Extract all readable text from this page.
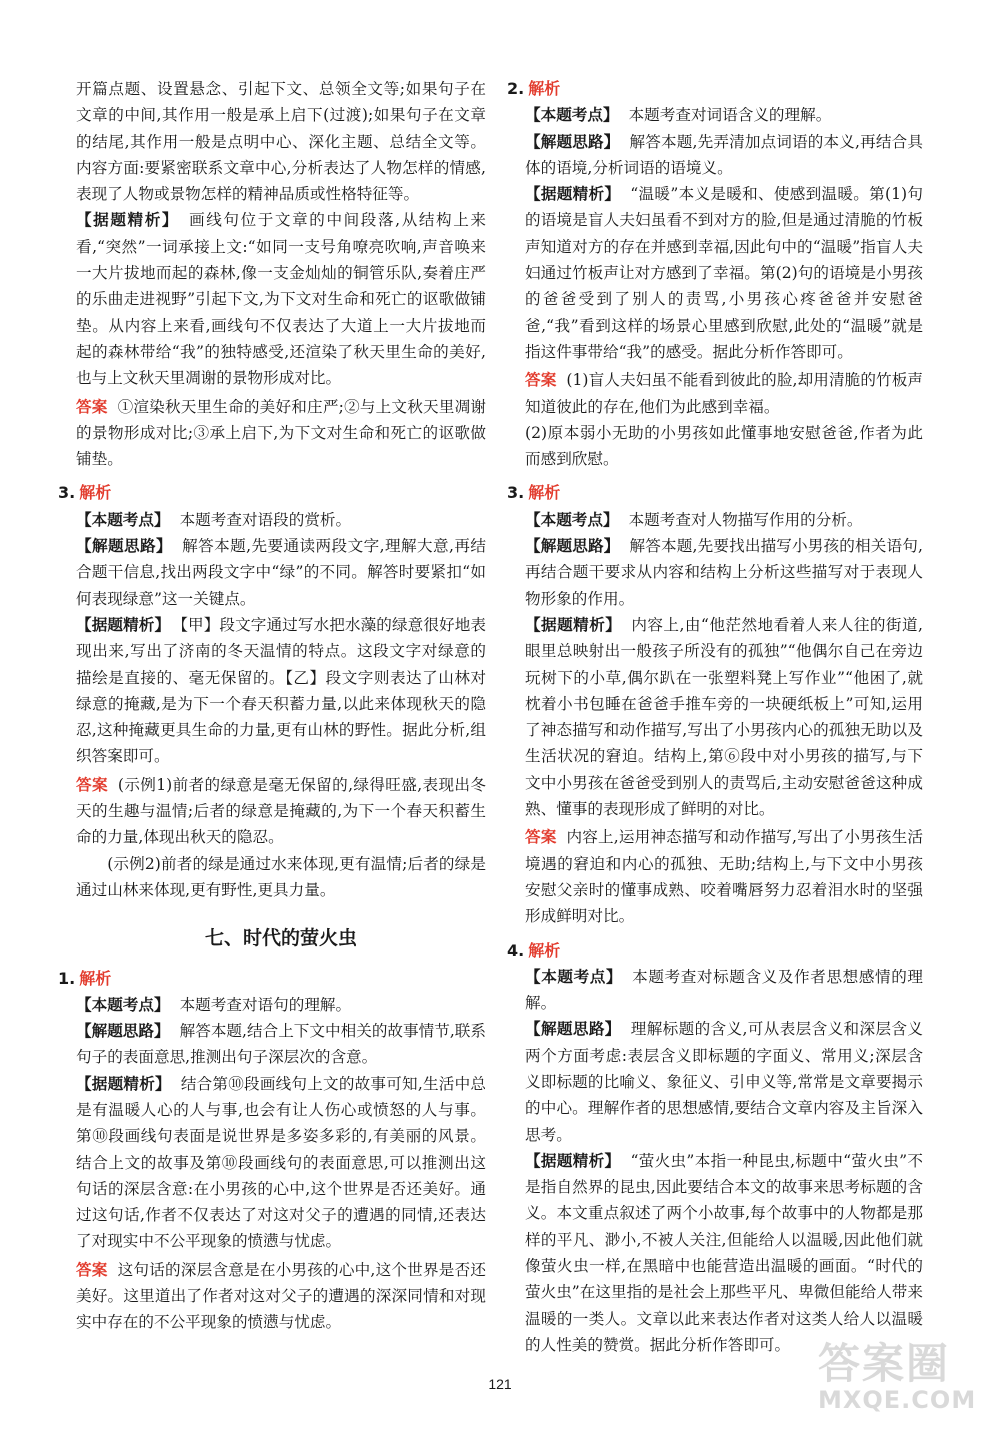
开篇点题、设置悬念、引起下文、总领全文等;如果句子在文章的中间,其作用一般是承上启下(过渡);如果句子在文章的结尾,其作用一般是点明中心、深化主题、总结全文等。内容方面:要紧密联系文章中心,分析表达了人物怎样的情感,表现了人物或景物怎样的精神品质或性格特征等。

【据题精析】 画线句位于文章的中间段落,从结构上来看,“突然”一词承接上文:“如同一支号角嘹亮吹响,声音唤来一大片拔地而起的森林,像一支金灿灿的铜管乐队,奏着庄严的乐曲走进视野”引起下文,为下文对生命和死亡的讴歌做铺垫。从内容上来看,画线句不仅表达了大道上一大片拔地而起的森林带给“我”的独特感受,还渲染了秋天里生命的美好,也与上文秋天里凋谢的景物形成对比。

答案 ①渲染秋天里生命的美好和庄严;②与上文秋天里凋谢的景物形成对比;③承上启下,为下文对生命和死亡的讴歌做铺垫。

3. 解析

【本题考点】 本题考查对语段的赏析。

【解题思路】 解答本题,先要通读两段文字,理解大意,再结合题干信息,找出两段文字中“绿”的不同。解答时要紧扣“如何表现绿意”这一关键点。

【据题精析】 【甲】段文字通过写水把水藻的绿意很好地表现出来,写出了济南的冬天温情的特点。这段文字对绿意的描绘是直接的、毫无保留的。【乙】段文字则表达了山林对绿意的掩藏,是为下一个春天积蓄力量,以此来体现秋天的隐忍,这种掩藏更具生命的力量,更有山林的野性。据此分析,组织答案即可。

答案 (示例1)前者的绿意是毫无保留的,绿得旺盛,表现出冬天的生趣与温情;后者的绿意是掩藏的,为下一个春天积蓄生命的力量,体现出秋天的隐忍。

(示例2)前者的绿是通过水来体现,更有温情;后者的绿是通过山林来体现,更有野性,更具力量。

七、时代的萤火虫
1. 解析

【本题考点】 本题考查对语句的理解。

【解题思路】 解答本题,结合上下文中相关的故事情节,联系句子的表面意思,推测出句子深层次的含意。

【据题精析】 结合第⑩段画线句上文的故事可知,生活中总是有温暖人心的人与事,也会有让人伤心或愤怒的人与事。第⑩段画线句表面是说世界是多姿多彩的,有美丽的风景。结合上文的故事及第⑩段画线句的表面意思,可以推测出这句话的深层含意:在小男孩的心中,这个世界是否还美好。通过这句话,作者不仅表达了对这对父子的遭遇的同情,还表达了对现实中不公平现象的愤懑与忧虑。

答案 这句话的深层含意是在小男孩的心中,这个世界是否还美好。这里道出了作者对这对父子的遭遇的深深同情和对现实中存在的不公平现象的愤懑与忧虑。

2. 解析

【本题考点】 本题考查对词语含义的理解。

【解题思路】 解答本题,先弄清加点词语的本义,再结合具体的语境,分析词语的语境义。

【据题精析】 “温暖”本义是暖和、使感到温暖。第(1)句的语境是盲人夫妇虽看不到对方的脸,但是通过清脆的竹板声知道对方的存在并感到幸福,因此句中的“温暖”指盲人夫妇通过竹板声让对方感到了幸福。第(2)句的语境是小男孩的爸爸受到了别人的责骂,小男孩心疼爸爸并安慰爸爸,“我”看到这样的场景心里感到欣慰,此处的“温暖”就是指这件事带给“我”的感受。据此分析作答即可。

答案 (1)盲人夫妇虽不能看到彼此的脸,却用清脆的竹板声知道彼此的存在,他们为此感到幸福。

(2)原本弱小无助的小男孩如此懂事地安慰爸爸,作者为此而感到欣慰。

3. 解析

【本题考点】 本题考查对人物描写作用的分析。

【解题思路】 解答本题,先要找出描写小男孩的相关语句,再结合题干要求从内容和结构上分析这些描写对于表现人物形象的作用。

【据题精析】 内容上,由“他茫然地看着人来人往的街道,眼里总映射出一般孩子所没有的孤独”“他偶尔自己在旁边玩树下的小草,偶尔趴在一张塑料凳上写作业”“他困了,就枕着小书包睡在爸爸手推车旁的一块硬纸板上”可知,运用了神态描写和动作描写,写出了小男孩内心的孤独无助以及生活状况的窘迫。结构上,第⑥段中对小男孩的描写,与下文中小男孩在爸爸受到别人的责骂后,主动安慰爸爸这种成熟、懂事的表现形成了鲜明的对比。

答案 内容上,运用神态描写和动作描写,写出了小男孩生活境遇的窘迫和内心的孤独、无助;结构上,与下文中小男孩安慰父亲时的懂事成熟、咬着嘴唇努力忍着泪水时的坚强形成鲜明对比。

4. 解析

【本题考点】 本题考查对标题含义及作者思想感情的理解。

【解题思路】 理解标题的含义,可从表层含义和深层含义两个方面考虑:表层含义即标题的字面义、常用义;深层含义即标题的比喻义、象征义、引申义等,常常是文章要揭示的中心。理解作者的思想感情,要结合文章内容及主旨深入思考。

【据题精析】 “萤火虫”本指一种昆虫,标题中“萤火虫”不是指自然界的昆虫,因此要结合本文的故事来思考标题的含义。本文重点叙述了两个小故事,每个故事中的人物都是那样的平凡、渺小,不被人关注,但能给人以温暖,因此他们就像萤火虫一样,在黑暗中也能营造出温暖的画面。“时代的萤火虫”在这里指的是社会上那些平凡、卑微但能给人带来温暖的一类人。文章以此来表达作者对这类人给人以温暖的人性美的赞赏。据此分析作答即可。

121	答案圈
MXQE.COM
